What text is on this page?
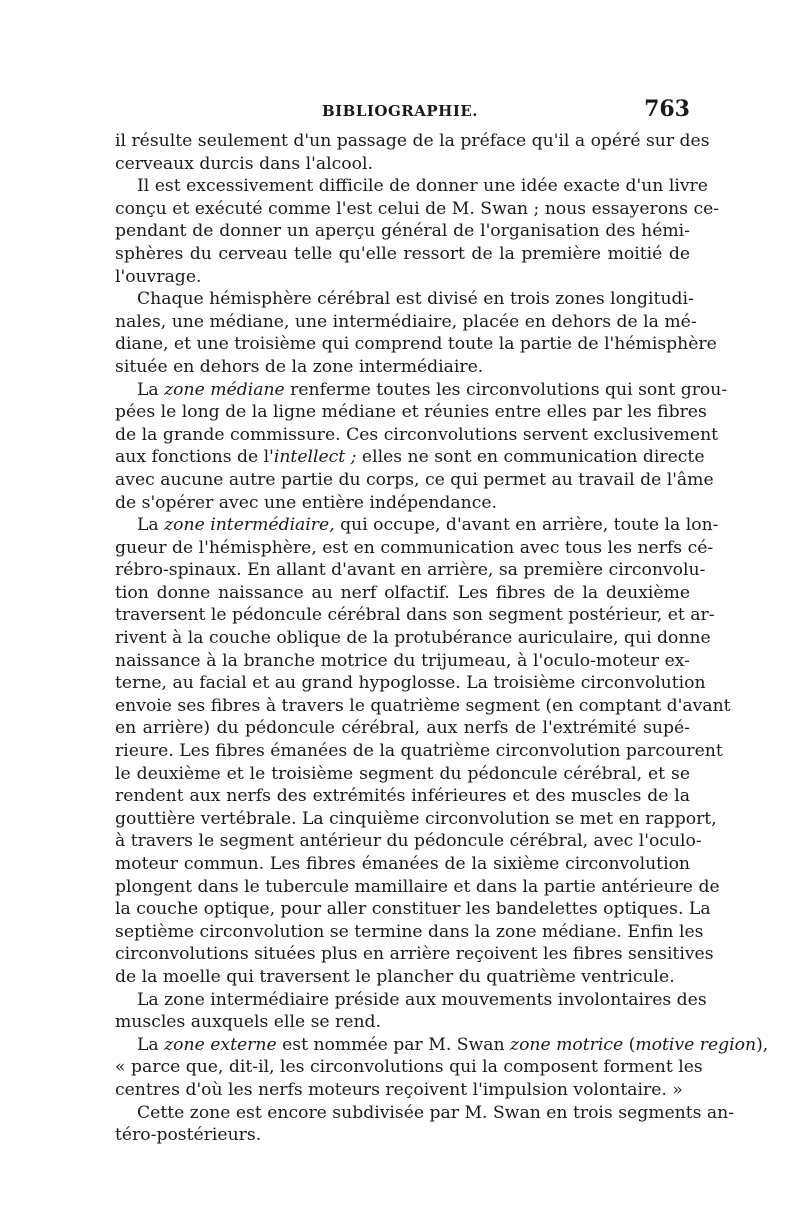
BIBLIOGRAPHIE.	763
il résulte seulement d'un passage de la préface qu'il a opéré sur des
cerveaux durcis dans l'alcool.
Il est excessivement difficile de donner une idée exacte d'un livre
conçu et exécuté comme l'est celui de M. Swan ; nous essayerons ce-
pendant de donner un aperçu général de l'organisation des hémi-
sphères du cerveau telle qu'elle ressort de la première moitié de
l'ouvrage.
Chaque hémisphère cérébral est divisé en trois zones longitudi-
nales, une médiane, une intermédiaire, placée en dehors de la mé-
diane, et une troisième qui comprend toute la partie de l'hémisphère
située en dehors de la zone intermédiaire.
La zone médiane renferme toutes les circonvolutions qui sont grou-
pées le long de la ligne médiane et réunies entre elles par les fibres
de la grande commissure. Ces circonvolutions servent exclusivement
aux fonctions de l'intellect ; elles ne sont en communication directe
avec aucune autre partie du corps, ce qui permet au travail de l'âme
de s'opérer avec une entière indépendance.
La zone intermédiaire, qui occupe, d'avant en arrière, toute la lon-
gueur de l'hémisphère, est en communication avec tous les nerfs cé-
rébro-spinaux. En allant d'avant en arrière, sa première circonvolu-
tion donne naissance au nerf olfactif. Les fibres de la deuxième
traversent le pédoncule cérébral dans son segment postérieur, et ar-
rivent à la couche oblique de la protubérance auriculaire, qui donne
naissance à la branche motrice du trijumeau, à l'oculo-moteur ex-
terne, au facial et au grand hypoglosse. La troisième circonvolution
envoie ses fibres à travers le quatrième segment (en comptant d'avant
en arrière) du pédoncule cérébral, aux nerfs de l'extrémité supé-
rieure. Les fibres émanées de la quatrième circonvolution parcourent
le deuxième et le troisième segment du pédoncule cérébral, et se
rendent aux nerfs des extrémités inférieures et des muscles de la
gouttière vertébrale. La cinquième circonvolution se met en rapport,
à travers le segment antérieur du pédoncule cérébral, avec l'oculo-
moteur commun. Les fibres émanées de la sixième circonvolution
plongent dans le tubercule mamillaire et dans la partie antérieure de
la couche optique, pour aller constituer les bandelettes optiques. La
septième circonvolution se termine dans la zone médiane. Enfin les
circonvolutions situées plus en arrière reçoivent les fibres sensitives
de la moelle qui traversent le plancher du quatrième ventricule.
La zone intermédiaire préside aux mouvements involontaires des
muscles auxquels elle se rend.
La zone externe est nommée par M. Swan zone motrice (motive region),
« parce que, dit-il, les circonvolutions qui la composent forment les
centres d'où les nerfs moteurs reçoivent l'impulsion volontaire. »
Cette zone est encore subdivisée par M. Swan en trois segments an-
téro-postérieurs.
